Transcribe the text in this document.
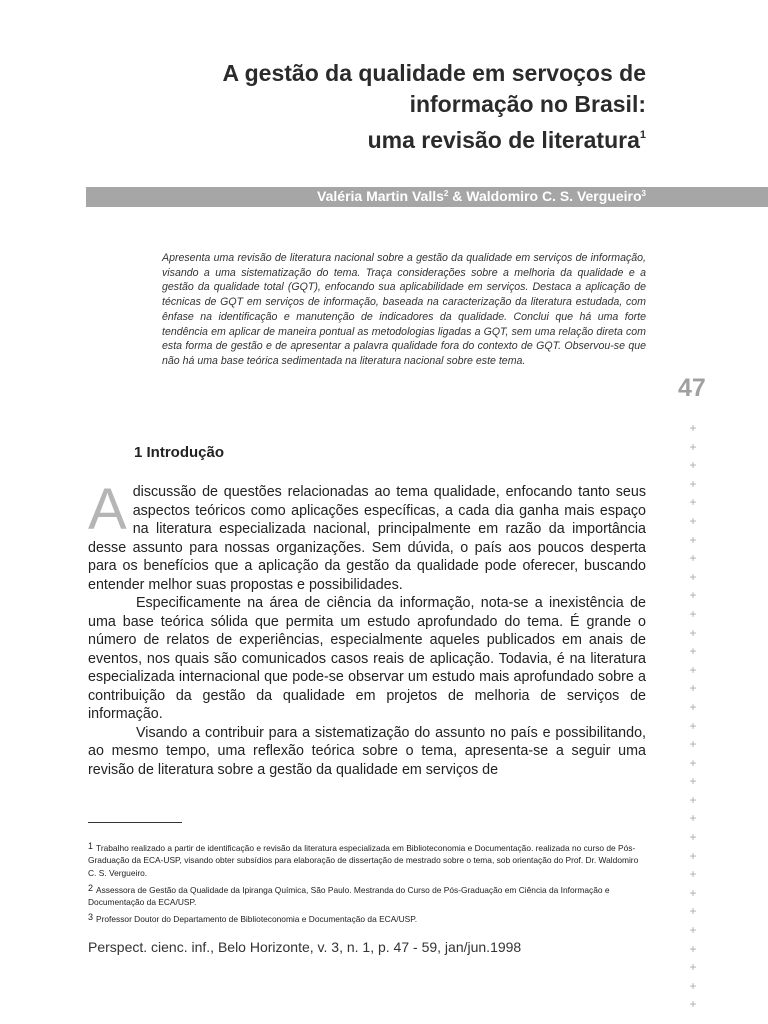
A gestão da qualidade em servoços de
informação no Brasil:
uma revisão de literatura$^1$
Valéria Martin Valls$^2$ & Waldomiro C. S. Vergueiro$^3$

Apresenta uma revisão de literatura nacional sobre a gestão da qualidade em serviços de informação, visando a uma sistematização do tema. Traça considerações sobre a melhoria da qualidade e a gestão da qualidade total (GQT), enfocando sua aplicabilidade em serviços. Destaca a aplicação de técnicas de GQT em serviços de informação, baseada na caracterização da literatura estudada, com ênfase na identificação e manutenção de indicadores da qualidade. Conclui que há uma forte tendência em aplicar de maneira pontual as metodologias ligadas a GQT, sem uma relação direta com esta forma de gestão e de apresentar a palavra qualidade fora do contexto de GQT. Observou-se que não há uma base teórica sedimentada na literatura nacional sobre este tema.

47
+
+
+
+
+
+
+
+
+
+
+
+
+
+
+
+
+
+
+
+
+
+
+
+
+
+
+
+
+
+
+
+
1 Introdução

Adiscussão de questões relacionadas ao tema qualidade, enfocando tanto seus aspectos teóricos como aplicações específicas, a cada dia ganha mais espaço na literatura especializada nacional, principalmente em razão da importância desse assunto para nossas organizações. Sem dúvida, o país aos poucos desperta para os benefícios que a aplicação da gestão da qualidade pode oferecer, buscando entender melhor suas propostas e possibilidades.

Especificamente na área de ciência da informação, nota-se a inexistência de uma base teórica sólida que permita um estudo aprofundado do tema. É grande o número de relatos de experiências, especialmente aqueles publicados em anais de eventos, nos quais são comunicados casos reais de aplicação. Todavia, é na literatura especializada internacional que pode-se observar um estudo mais aprofundado sobre a contribuição da gestão da qualidade em projetos de melhoria de serviços de informação.

Visando a contribuir para a sistematização do assunto no país e possibilitando, ao mesmo tempo, uma reflexão teórica sobre o tema, apresenta-se a seguir uma revisão de literatura sobre a gestão da qualidade em serviços de

1 Trabalho realizado a partir de identificação e revisão da literatura especializada em Biblioteconomia e Documentação. realizada no curso de Pós-Graduação da ECA-USP, visando obter subsídios para elaboração de dissertação de mestrado sobre o tema, sob orientação do Prof. Dr. Waldomiro C. S. Vergueiro.

2 Assessora de Gestão da Qualidade da Ipiranga Química, São Paulo. Mestranda do Curso de Pós-Graduação em Ciência da Informação e Documentação da ECA/USP.

3 Professor Doutor do Departamento de Biblioteconomia e Documentação da ECA/USP.

Perspect. cienc. inf., Belo Horizonte, v. 3, n. 1, p. 47 - 59, jan/jun.1998
